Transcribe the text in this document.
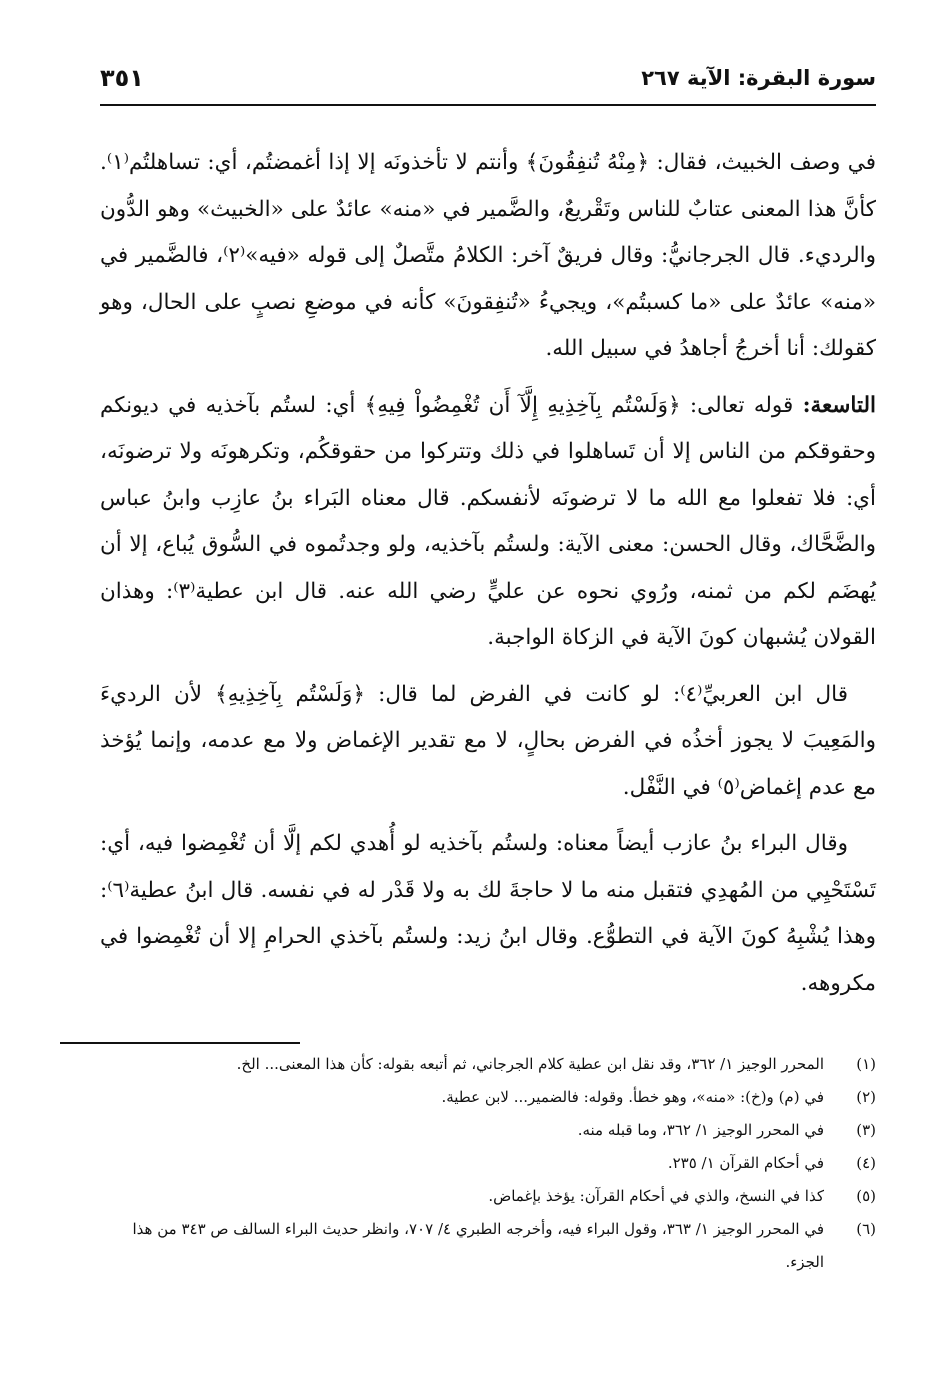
سورة البقرة: الآية ٢٦٧
٣٥١

في وصف الخبيث، فقال: ﴿مِنْهُ تُنفِقُونَ﴾ وأنتم لا تأخذونَه إلا إذا أغمضتُم، أي: تساهلتُم⁽١⁾. كأنَّ هذا المعنى عتابٌ للناس وتَقْريعٌ، والضَّمير في «منه» عائدٌ على «الخبيث» وهو الدُّون والرديء. قال الجرجانيُّ: وقال فريقٌ آخر: الكلامُ متَّصلٌ إلى قوله «فيه»⁽٢⁾، فالضَّمير في «منه» عائدٌ على «ما كسبتُم»، ويجيءُ «تُنفِقونَ» كأنه في موضعِ نصبٍ على الحال، وهو كقولك: أنا أخرجُ أجاهدُ في سبيل الله.

التاسعة: قوله تعالى: ﴿وَلَسْتُم بِآخِذِيهِ إِلَّآ أَن تُغْمِضُواْ فِيهِ﴾ أي: لستُم بآخذيه في ديونكم وحقوقكم من الناس إلا أن تَساهلوا في ذلك وتتركوا من حقوقكُم، وتكرهونَه ولا ترضونَه، أي: فلا تفعلوا مع الله ما لا ترضونَه لأنفسكم. قال معناه البَراء بنُ عازِب وابنُ عباس والضَّحَّاك، وقال الحسن: معنى الآية: ولستُم بآخذيه، ولو وجدتُموه في السُّوق يُباع، إلا أن يُهضَم لكم من ثمنه، ورُوي نحوه عن عليٍّ رضي الله عنه. قال ابن عطية⁽٣⁾: وهذان القولان يُشبهان كونَ الآية في الزكاة الواجبة.

قال ابن العربيِّ⁽٤⁾: لو كانت في الفرض لما قال: ﴿وَلَسْتُم بِآخِذِيهِ﴾ لأن الرديءَ والمَعِيبَ لا يجوز أخذُه في الفرض بحالٍ، لا مع تقدير الإغماض ولا مع عدمه، وإنما يُؤخذ مع عدم إغماض⁽٥⁾ في النَّفْل.

وقال البراء بنُ عازب أيضاً معناه: ولستُم بآخذيه لو أُهدي لكم إلَّا أن تُغْمِضوا فيه، أي: تَسْتَحْيِي من المُهدِي فتقبل منه ما لا حاجةَ لك به ولا قَدْر له في نفسه. قال ابنُ عطية⁽٦⁾: وهذا يُشْبِهُ كونَ الآية في التطوُّع. وقال ابنُ زيد: ولستُم بآخذي الحرامِ إلا أن تُغْمِضوا في مكروهه.

(١)
المحرر الوجيز ١/ ٣٦٢، وقد نقل ابن عطية كلام الجرجاني، ثم أتبعه بقوله: كأن هذا المعنى... الخ.

(٢)
في (م) و(خ): «منه»، وهو خطأ. وقوله: فالضمير... لابن عطية.

(٣)
في المحرر الوجيز ١/ ٣٦٢، وما قبله منه.

(٤)
في أحكام القرآن ١/ ٢٣٥.

(٥)
كذا في النسخ، والذي في أحكام القرآن: يؤخذ بإغماض.

(٦)
في المحرر الوجيز ١/ ٣٦٣، وقول البراء فيه، وأخرجه الطبري ٤/ ٧٠٧، وانظر حديث البراء السالف ص ٣٤٣ من هذا الجزء.
